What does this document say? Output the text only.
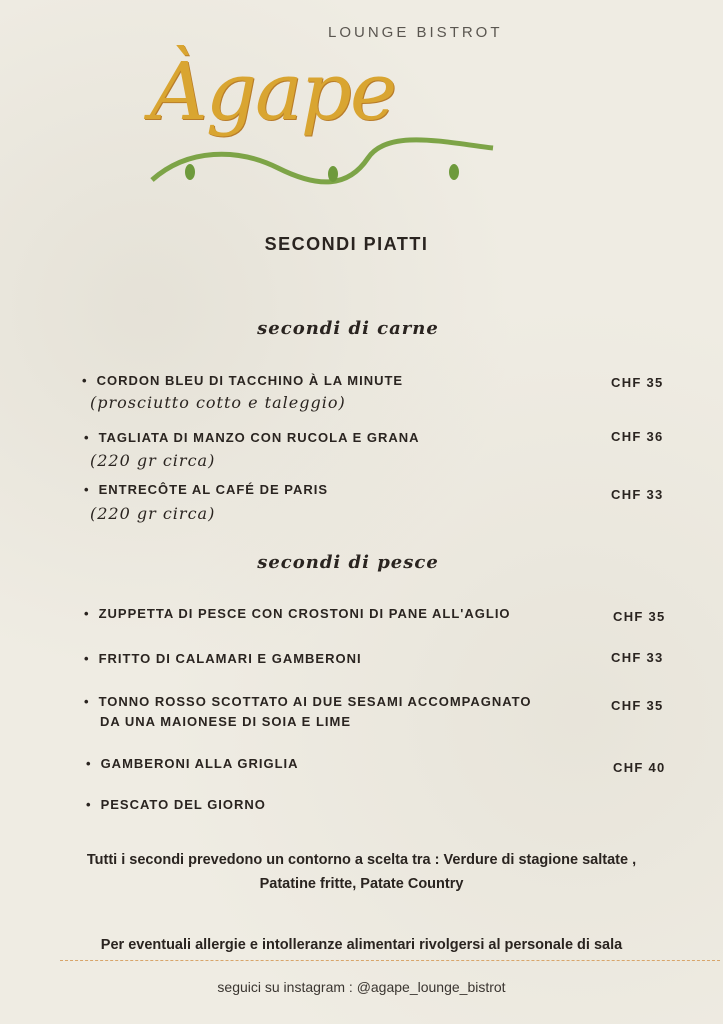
LOUNGE BISTROT
Àgape
SECONDI PIATTI
secondi di carne
• CORDON BLEU DI TACCHINO À LA MINUTE
(prosciutto cotto e taleggio)
CHF 35
• TAGLIATA DI MANZO CON RUCOLA E GRANA
(220 gr circa)
CHF 36
• ENTRECÔTE AL CAFÉ DE PARIS
(220 gr circa)
CHF 33
secondi di pesce
• ZUPPETTA DI PESCE CON CROSTONI DI PANE ALL'AGLIO	CHF 35
• FRITTO DI CALAMARI E GAMBERONI	CHF 33
• TONNO ROSSO SCOTTATO AI DUE SESAMI ACCOMPAGNATO
DA UNA MAIONESE DI SOIA E LIME
CHF 35
• GAMBERONI ALLA GRIGLIA	CHF 40
• PESCATO DEL GIORNO
Tutti i secondi prevedono un contorno a scelta tra : Verdure di stagione saltate ,
Patatine fritte, Patate Country
Per eventuali allergie e intolleranze alimentari rivolgersi al personale di sala
seguici su instagram : @agape_lounge_bistrot
